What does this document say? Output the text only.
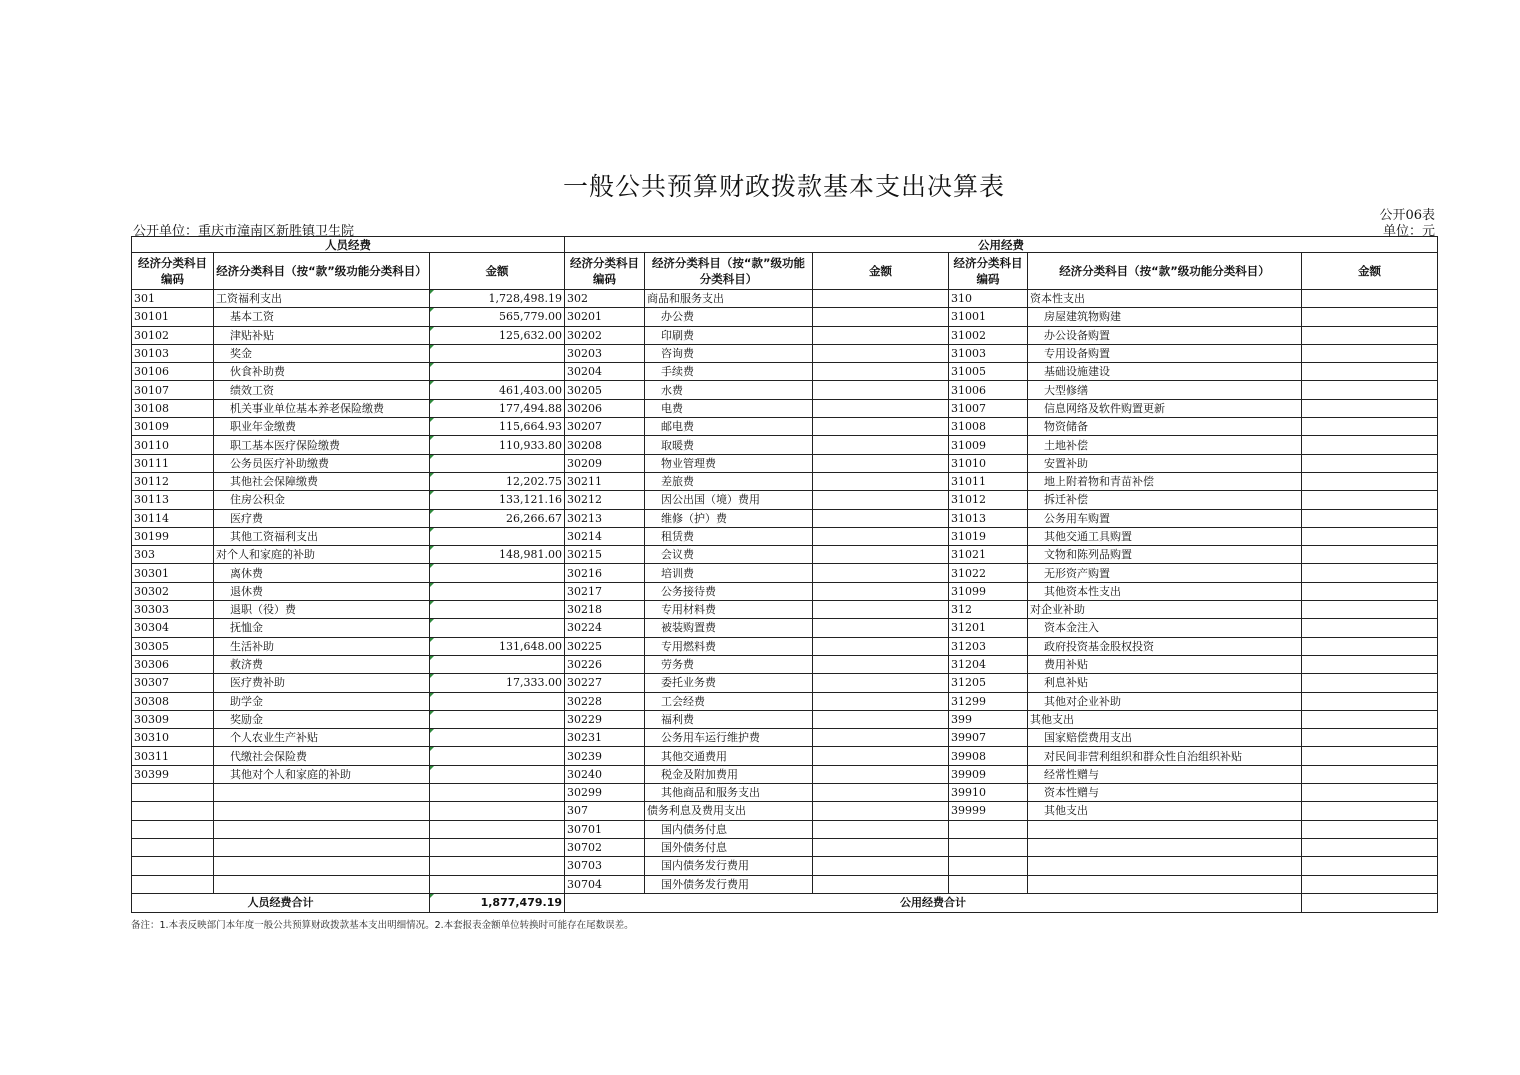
一般公共预算财政拨款基本支出决算表
公开06表
单位：元
公开单位：重庆市潼南区新胜镇卫生院
人员经费			公用经费					
经济分类科目编码	经济分类科目（按“款”级功能分类科目）	金额	经济分类科目编码	经济分类科目（按“款”级功能分类科目）	金额	经济分类科目编码	经济分类科目（按“款”级功能分类科目）	金额
301	工资福利支出	1,728,498.19	302	商品和服务支出		310	资本性支出	
30101	基本工资	565,779.00	30201	办公费		31001	房屋建筑物购建	
30102	津贴补贴	125,632.00	30202	印刷费		31002	办公设备购置	
30103	奖金		30203	咨询费		31003	专用设备购置	
30106	伙食补助费		30204	手续费		31005	基础设施建设	
30107	绩效工资	461,403.00	30205	水费		31006	大型修缮	
30108	机关事业单位基本养老保险缴费	177,494.88	30206	电费		31007	信息网络及软件购置更新	
30109	职业年金缴费	115,664.93	30207	邮电费		31008	物资储备	
30110	职工基本医疗保险缴费	110,933.80	30208	取暖费		31009	土地补偿	
30111	公务员医疗补助缴费		30209	物业管理费		31010	安置补助	
30112	其他社会保障缴费	12,202.75	30211	差旅费		31011	地上附着物和青苗补偿	
30113	住房公积金	133,121.16	30212	因公出国（境）费用		31012	拆迁补偿	
30114	医疗费	26,266.67	30213	维修（护）费		31013	公务用车购置	
30199	其他工资福利支出		30214	租赁费		31019	其他交通工具购置	
303	对个人和家庭的补助	148,981.00	30215	会议费		31021	文物和陈列品购置	
30301	离休费		30216	培训费		31022	无形资产购置	
30302	退休费		30217	公务接待费		31099	其他资本性支出	
30303	退职（役）费		30218	专用材料费		312	对企业补助	
30304	抚恤金		30224	被装购置费		31201	资本金注入	
30305	生活补助	131,648.00	30225	专用燃料费		31203	政府投资基金股权投资	
30306	救济费		30226	劳务费		31204	费用补贴	
30307	医疗费补助	17,333.00	30227	委托业务费		31205	利息补贴	
30308	助学金		30228	工会经费		31299	其他对企业补助	
30309	奖励金		30229	福利费		399	其他支出	
30310	个人农业生产补贴		30231	公务用车运行维护费		39907	国家赔偿费用支出	
30311	代缴社会保险费		30239	其他交通费用		39908	对民间非营利组织和群众性自治组织补贴	
30399	其他对个人和家庭的补助		30240	税金及附加费用		39909	经常性赠与	
			30299	其他商品和服务支出		39910	资本性赠与	
			307	债务利息及费用支出		39999	其他支出	
			30701	国内债务付息				
			30702	国外债务付息				
			30703	国内债务发行费用				
			30704	国外债务发行费用				
人员经费合计		1,877,479.19	公用经费合计					
备注：1.本表反映部门本年度一般公共预算财政拨款基本支出明细情况。2.本套报表金额单位转换时可能存在尾数误差。
